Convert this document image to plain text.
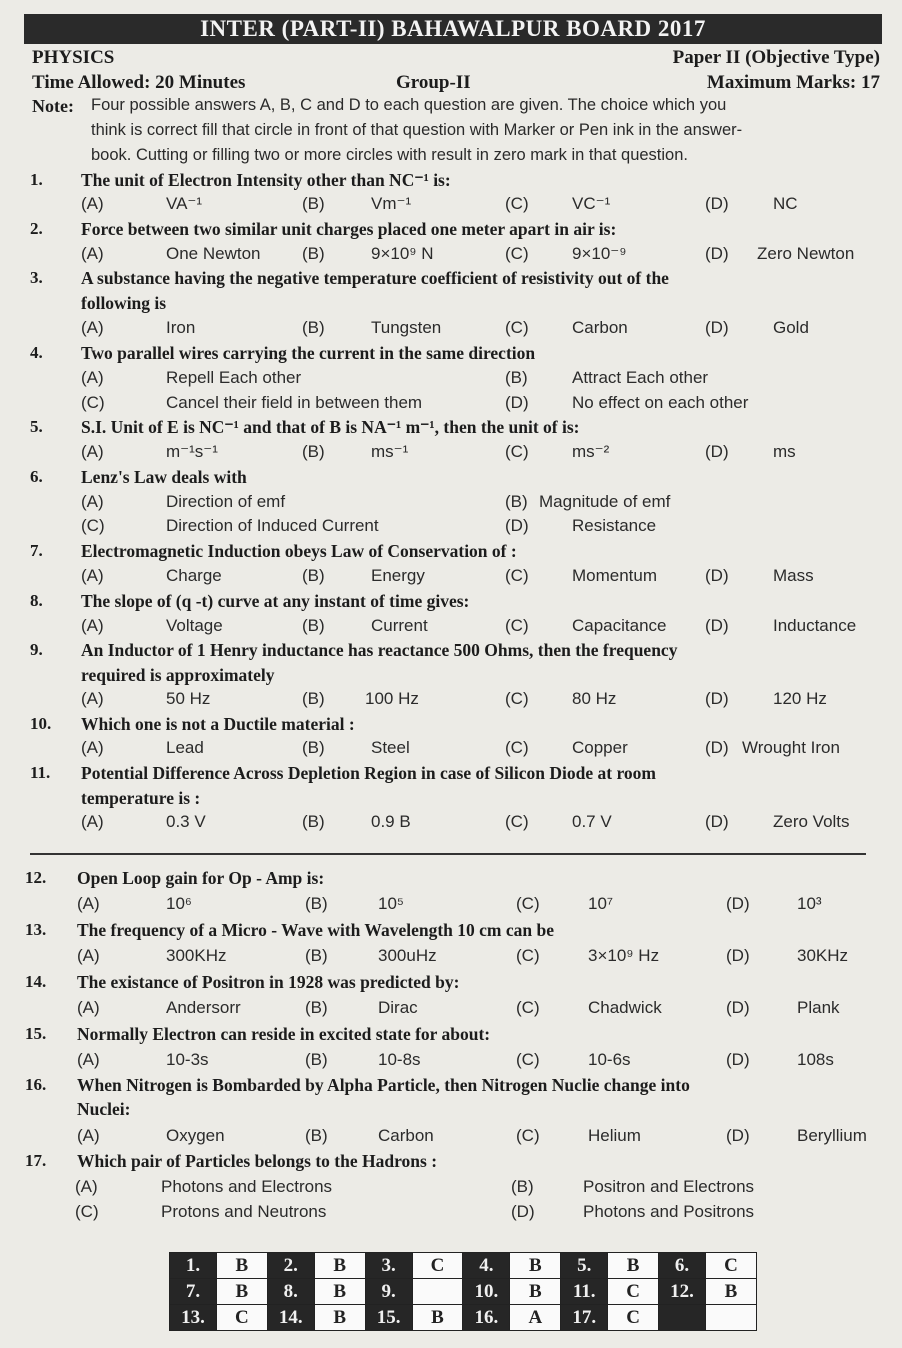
INTER (PART-II) BAHAWALPUR BOARD 2017
PHYSICS	Paper II (Objective Type)
Time Allowed: 20 Minutes	Group-II	Maximum Marks: 17
Note: Four possible answers A, B, C and D to each question are given. The choice which you
think is correct fill that circle in front of that question with Marker or Pen ink in the answer-
book. Cutting or filling two or more circles with result in zero mark in that question.
1. The unit of Electron Intensity other than NC⁻¹ is:
(A)	VA⁻¹	(B)	Vm⁻¹	(C)	VC⁻¹	(D)	NC
2. Force between two similar unit charges placed one meter apart in air is:
(A)	One Newton (B)	9×10⁹ N	(C)	9×10⁻⁹	(D) Zero Newton
3. A substance having the negative temperature coefficient of resistivity out of the
following is
(A)	Iron	(B)	Tungsten	(C)	Carbon	(D)	Gold
4. Two parallel wires carrying the current in the same direction
(A)	Repell Each other	(B)	Attract Each other
(C)	Cancel their field in between them	(D)	No effect on each other
5. S.I. Unit of E is NC⁻¹ and that of B is NA⁻¹ m⁻¹, then the unit of is:
(A)	m⁻¹s⁻¹	(B)	ms⁻¹	(C)	ms⁻²	(D)	ms
6. Lenz's Law deals with
(A)	Direction of emf	(B) Magnitude of emf
(C)	Direction of Induced Current	(D)	Resistance
7. Electromagnetic Induction obeys Law of Conservation of :
(A)	Charge	(B)	Energy	(C)	Momentum	(D)	Mass
8. The slope of (q -t) curve at any instant of time gives:
(A)	Voltage	(B)	Current	(C)	Capacitance (D)	Inductance
9. An Inductor of 1 Henry inductance has reactance 500 Ohms, then the frequency
required is approximately
(A)	50 Hz	(B) 100 Hz	(C)	80 Hz	(D)	120 Hz
10. Which one is not a Ductile material :
(A)	Lead	(B)	Steel	(C)	Copper	(D) Wrought Iron
11. Potential Difference Across Depletion Region in case of Silicon Diode at room
temperature is :
(A)	0.3 V	(B)	0.9 B	(C)	0.7 V	(D)	Zero Volts
12. Open Loop gain for Op - Amp is:
(A)	10⁶	(B)	10⁵	(C)	10⁷	(D)	10³
13. The frequency of a Micro - Wave with Wavelength 10 cm can be
(A)	300KHz	(B)	300uHz	(C)	3×10⁹ Hz	(D)	30KHz
14. The existance of Positron in 1928 was predicted by:
(A)	Andersorr	(B)	Dirac	(C)	Chadwick	(D)	Plank
15. Normally Electron can reside in excited state for about:
(A)	10-3s	(B)	10-8s	(C)	10-6s	(D)	108s
16. When Nitrogen is Bombarded by Alpha Particle, then Nitrogen Nuclie change into
Nuclei:
(A)	Oxygen	(B)	Carbon	(C)	Helium	(D)	Beryllium
17. Which pair of Particles belongs to the Hadrons :
(A)	Photons and Electrons	(B)	Positron and Electrons
(C)	Protons and Neutrons	(D)	Photons and Positrons
1.	B	2.	B	3.	C	4.	B	5.	B	6.	C
7.	B	8.	B	9.		10.	B	11.	C	12.	B
13.	C	14.	B	15.	B	16.	A	17.	C		
